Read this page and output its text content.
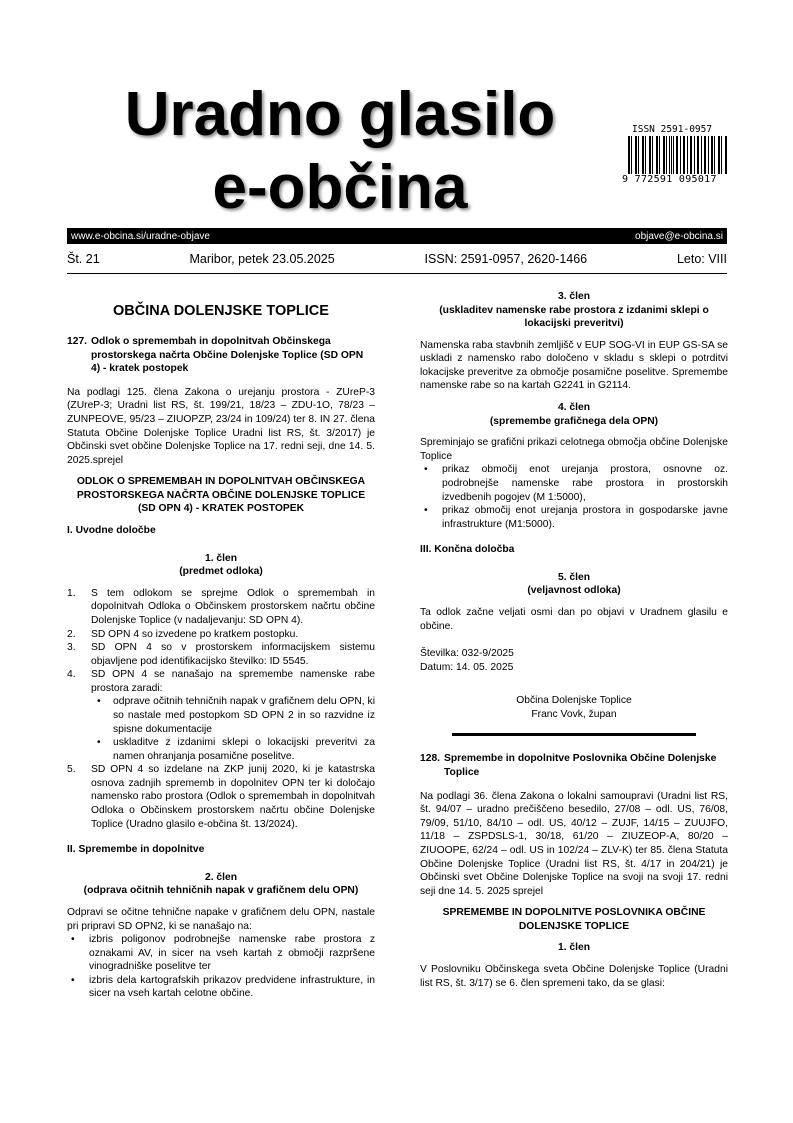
Uradno glasilo
e-občina
ISSN 2591-0957
9 772591 095017
www.e-obcina.si/uradne-objave	objave@e-obcina.si
Št. 21	Maribor, petek 23.05.2025	ISSN: 2591-0957, 2620-1466	Leto: VIII
OBČINA DOLENJSKE TOPLICE
127. Odlok o spremembah in dopolnitvah Občinskega prostorskega načrta Občine Dolenjske Toplice (SD OPN 4) - kratek postopek

Na podlagi 125. člena Zakona o urejanju prostora - ZUreP-3 (ZUreP-3; Uradni list RS, št. 199/21, 18/23 – ZDU-1O, 78/23 – ZUNPEOVE, 95/23 – ZIUOPZP, 23/24 in 109/24) ter 8. IN 27. člena Statuta Občine Dolenjske Toplice Uradni list RS, št. 3/2017) je Občinski svet občine Dolenjske Toplice na 17. redni seji, dne 14. 5. 2025.sprejel

ODLOK O SPREMEMBAH IN DOPOLNITVAH OBČINSKEGA PROSTORSKEGA NAČRTA OBČINE DOLENJSKE TOPLICE (SD OPN 4) - KRATEK POSTOPEK

I. Uvodne določbe

1. člen
(predmet odloka)

1.	S tem odlokom se sprejme Odlok o spremembah in dopolnitvah Odloka o Občinskem prostorskem načrtu občine Dolenjske Toplice (v nadaljevanju: SD OPN 4).
2.	SD OPN 4 so izvedene po kratkem postopku.
3.	SD OPN 4 so v prostorskem informacijskem sistemu objavljene pod identifikacijsko številko: ID 5545.
4.	SD OPN 4 se nanašajo na spremembe namenske rabe prostora zaradi:
•	odprave očitnih tehničnih napak v grafičnem delu OPN, ki so nastale med postopkom SD OPN 2 in so razvidne iz spisne dokumentacije
•	uskladitve z izdanimi sklepi o lokacijski preveritvi za namen ohranjanja posamične poselitve.
5.	SD OPN 4 so izdelane na ZKP junij 2020, ki je katastrska osnova zadnjih sprememb in dopolnitev OPN ter ki določajo namensko rabo prostora (Odlok o spremembah in dopolnitvah Odloka o Občinskem prostorskem načrtu občine Dolenjske Toplice (Uradno glasilo e-občina št. 13/2024).

II. Spremembe in dopolnitve

2. člen
(odprava očitnih tehničnih napak v grafičnem delu OPN)

Odpravi se očitne tehnične napake v grafičnem delu OPN, nastale pri pripravi SD OPN2, ki se nanašajo na:

•	izbris poligonov podrobnejše namenske rabe prostora z oznakami AV, in sicer na vseh kartah z območji razpršene vinogradniške poselitve ter
•	izbris dela kartografskih prikazov predvidene infrastrukture, in sicer na vseh kartah celotne občine.

3. člen
(uskladitev namenske rabe prostora z izdanimi sklepi o lokacijski preveritvi)

Namenska raba stavbnih zemljišč v EUP SOG-VI in EUP GS-SA se uskladi z namensko rabo določeno v skladu s sklepi o potrditvi lokacijske preveritve za območje posamične poselitve. Spremembe namenske rabe so na kartah G2241 in G2114.

4. člen
(spremembe grafičnega dela OPN)

Spreminjajo se grafični prikazi celotnega območja občine Dolenjske Toplice

•	prikaz območij enot urejanja prostora, osnovne oz. podrobnejše namenske rabe prostora in prostorskih izvedbenih pogojev (M 1:5000),
•	prikaz območij enot urejanja prostora in gospodarske javne infrastrukture (M1:5000).

III. Končna določba

5. člen
(veljavnost odloka)

Ta odlok začne veljati osmi dan po objavi v Uradnem glasilu e občine.

Številka: 032-9/2025

Datum: 14. 05. 2025

Občina Dolenjske Toplice

Franc Vovk, župan

128. Spremembe in dopolnitve Poslovnika Občine Dolenjske Toplice

Na podlagi 36. člena Zakona o lokalni samoupravi (Uradni list RS, št. 94/07 – uradno prečiščeno besedilo, 27/08 – odl. US, 76/08, 79/09, 51/10, 84/10 – odl. US, 40/12 – ZUJF, 14/15 – ZUUJFO, 11/18 – ZSPDSLS-1, 30/18, 61/20 – ZIUZEOP-A, 80/20 – ZIUOOPE, 62/24 – odl. US in 102/24 – ZLV-K) ter 85. člena Statuta Občine Dolenjske Toplice (Uradni list RS, št. 4/17 in 204/21) je Občinski svet Občine Dolenjske Toplice na svoji na svoji 17. redni seji dne 14. 5. 2025 sprejel

SPREMEMBE IN DOPOLNITVE POSLOVNIKA OBČINE DOLENJSKE TOPLICE

1. člen

V Poslovniku Občinskega sveta Občine Dolenjske Toplice (Uradni list RS, št. 3/17) se 6. člen spremeni tako, da se glasi:
